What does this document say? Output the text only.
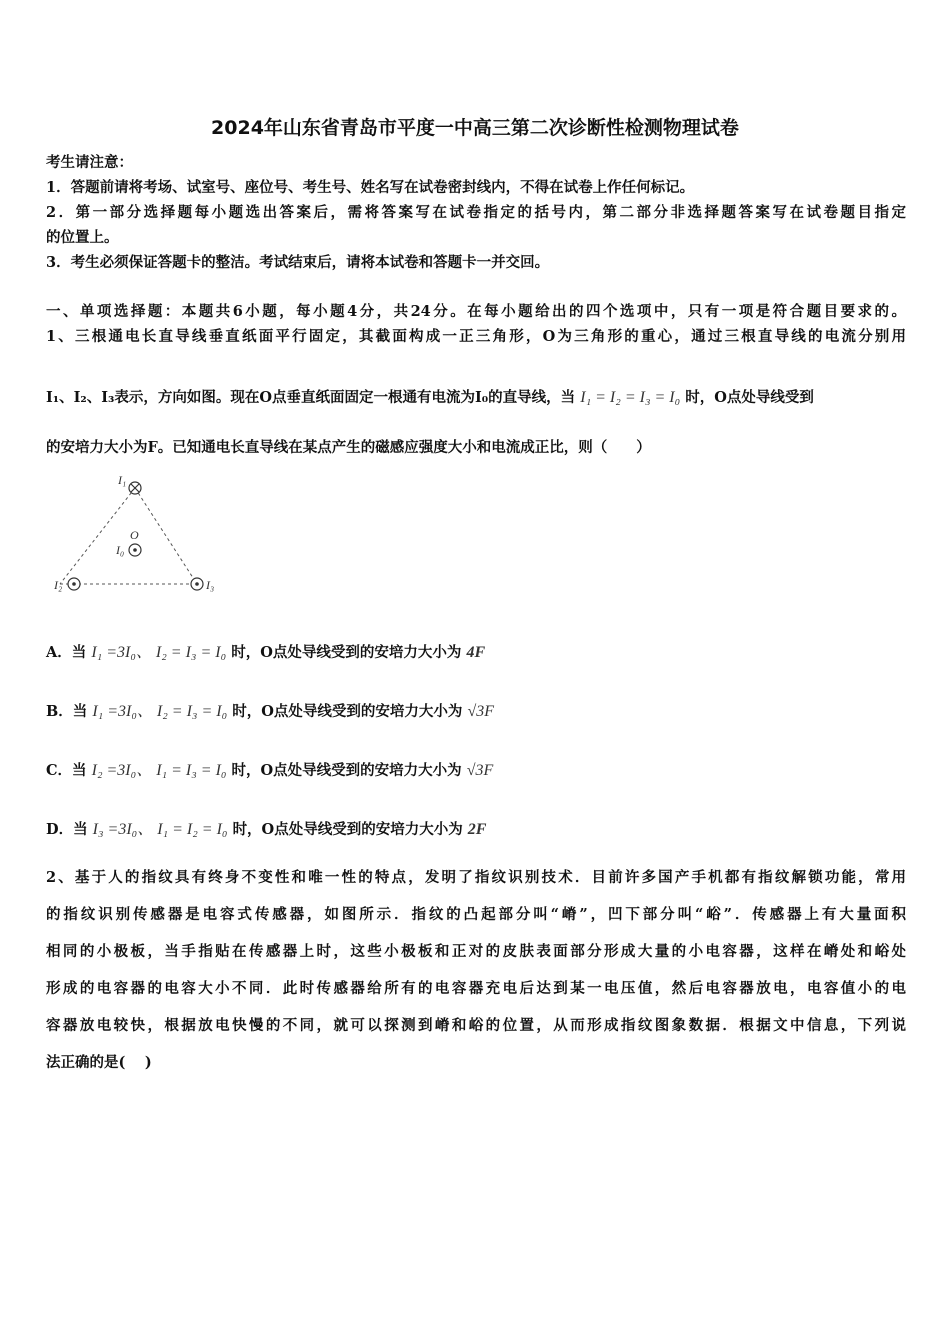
2024年山东省青岛市平度一中高三第二次诊断性检测物理试卷
考生请注意：
1．答题前请将考场、试室号、座位号、考生号、姓名写在试卷密封线内，不得在试卷上作任何标记。
2．第一部分选择题每小题选出答案后，需将答案写在试卷指定的括号内，第二部分非选择题答案写在试卷题目指定
的位置上。
3．考生必须保证答题卡的整洁。考试结束后，请将本试卷和答题卡一并交回。
一、单项选择题：本题共6小题，每小题4分，共24分。在每小题给出的四个选项中，只有一项是符合题目要求的。
1、三根通电长直导线垂直纸面平行固定，其截面构成一正三角形，O为三角形的重心，通过三根直导线的电流分别用
I₁、I₂、I₃表示，方向如图。现在O点垂直纸面固定一根通有电流为I₀的直导线，当 I₁ = I₂ = I₃ = I₀ 时，O点处导线受到
的安培力大小为F。已知通电长直导线在某点产生的磁感应强度大小和电流成正比，则（　　）
I₁
O
I₀
I₂	I₃
A．当 I₁ =3I₀、 I₂ = I₃ = I₀ 时，O点处导线受到的安培力大小为 4F
B．当 I₁ =3I₀、 I₂ = I₃ = I₀ 时，O点处导线受到的安培力大小为 √3F
C．当 I₂ =3I₀、 I₁ = I₃ = I₀ 时，O点处导线受到的安培力大小为 √3F
D．当 I₃ =3I₀、 I₁ = I₂ = I₀ 时，O点处导线受到的安培力大小为 2F
2、基于人的指纹具有终身不变性和唯一性的特点，发明了指纹识别技术．目前许多国产手机都有指纹解锁功能，常用
的指纹识别传感器是电容式传感器，如图所示．指纹的凸起部分叫“嵴”，凹下部分叫“峪”．传感器上有大量面积
相同的小极板，当手指贴在传感器上时，这些小极板和正对的皮肤表面部分形成大量的小电容器，这样在嵴处和峪处
形成的电容器的电容大小不同．此时传感器给所有的电容器充电后达到某一电压值，然后电容器放电，电容值小的电
容器放电较快，根据放电快慢的不同，就可以探测到嵴和峪的位置，从而形成指纹图象数据．根据文中信息，下列说
法正确的是(　 )
